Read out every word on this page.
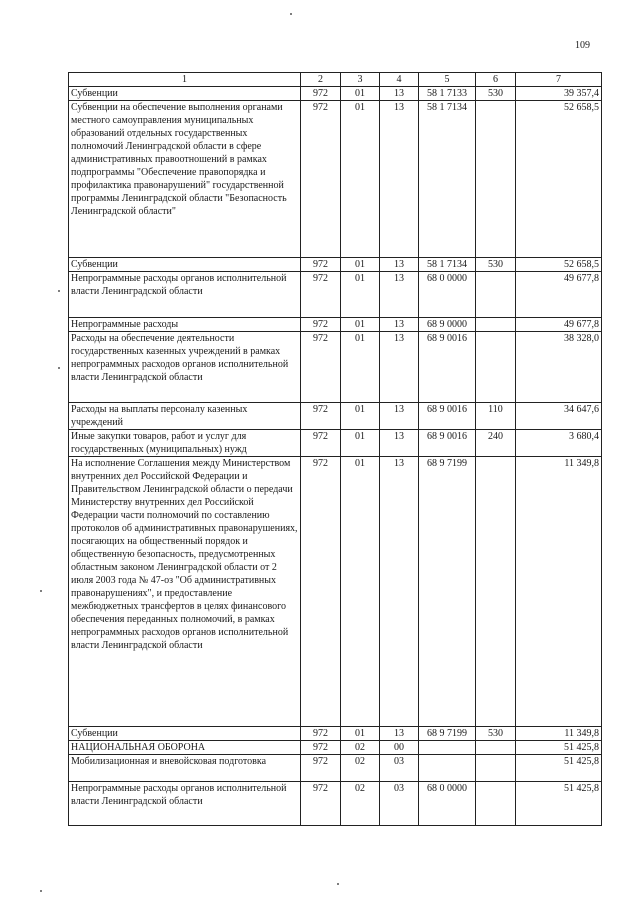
109
1	2	3	4	5	6	7
Субвенции	972	01	13	58 1 7133	530	39 357,4
Субвенции на обеспечение выполнения органами местного самоуправления муниципальных образований отдельных государственных полномочий Ленинградской области в сфере административных правоотношений в рамках подпрограммы "Обеспечение правопорядка и профилактика правонарушений" государственной программы Ленинградской области "Безопасность Ленинградской области"	972	01	13	58 1 7134		52 658,5
Субвенции	972	01	13	58 1 7134	530	52 658,5
Непрограммные расходы органов исполнительной власти Ленинградской области	972	01	13	68 0 0000		49 677,8
Непрограммные расходы	972	01	13	68 9 0000		49 677,8
Расходы на обеспечение деятельности государственных казенных учреждений в рамках непрограммных расходов органов исполнительной власти Ленинградской области	972	01	13	68 9 0016		38 328,0
Расходы на выплаты персоналу казенных учреждений	972	01	13	68 9 0016	110	34 647,6
Иные закупки товаров, работ и услуг для государственных (муниципальных) нужд	972	01	13	68 9 0016	240	3 680,4
На исполнение Соглашения между Министерством внутренних дел Российской Федерации и Правительством Ленинградской области о передачи Министерству внутренних дел Российской Федерации части полномочий по составлению протоколов об административных правонарушениях, посягающих на общественный порядок и общественную безопасность, предусмотренных областным законом Ленинградской области от 2 июля 2003 года № 47-оз "Об административных правонарушениях", и предоставление межбюджетных трансфертов в целях финансового обеспечения переданных полномочий, в рамках непрограммных расходов органов исполнительной власти Ленинградской области	972	01	13	68 9 7199		11 349,8
Субвенции	972	01	13	68 9 7199	530	11 349,8
НАЦИОНАЛЬНАЯ ОБОРОНА	972	02	00			51 425,8
Мобилизационная и вневойсковая подготовка	972	02	03			51 425,8
Непрограммные расходы органов исполнительной власти Ленинградской области	972	02	03	68 0 0000		51 425,8
